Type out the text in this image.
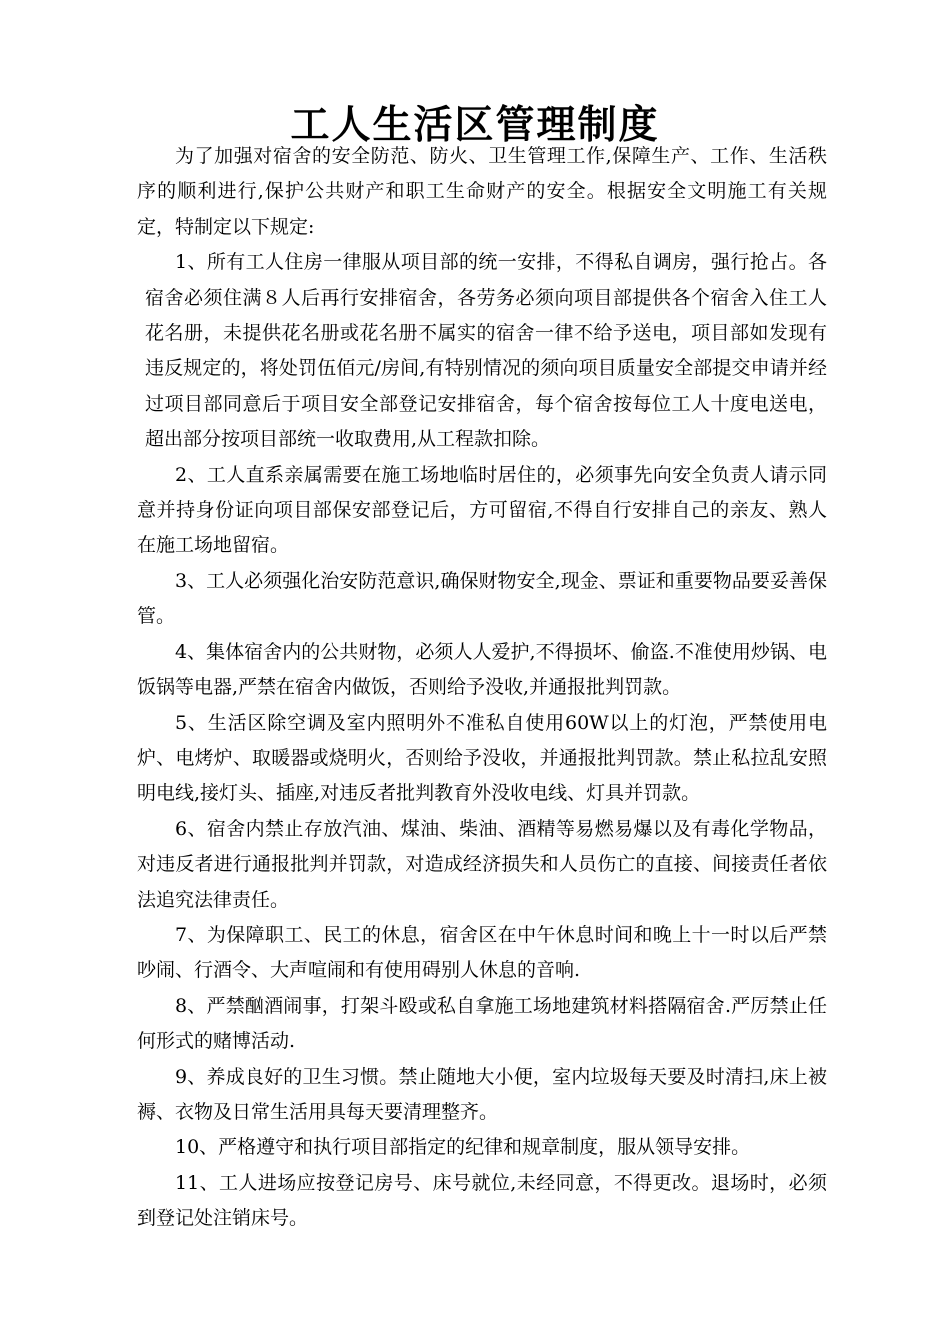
工人生活区管理制度

为了加强对宿舍的安全防范、防火、卫生管理工作,保障生产、工作、生活秩序的顺利进行,保护公共财产和职工生命财产的安全。根据安全文明施工有关规定，特制定以下规定:

1、所有工人住房一律服从项目部的统一安排，不得私自调房，强行抢占。各宿舍必须住满８人后再行安排宿舍，各劳务必须向项目部提供各个宿舍入住工人花名册，未提供花名册或花名册不属实的宿舍一律不给予送电，项目部如发现有违反规定的，将处罚伍佰元/房间,有特别情况的须向项目质量安全部提交申请并经过项目部同意后于项目安全部登记安排宿舍，每个宿舍按每位工人十度电送电，超出部分按项目部统一收取费用,从工程款扣除。

2、工人直系亲属需要在施工场地临时居住的，必须事先向安全负责人请示同意并持身份证向项目部保安部登记后，方可留宿,不得自行安排自己的亲友、熟人在施工场地留宿。

3、工人必须强化治安防范意识,确保财物安全,现金、票证和重要物品要妥善保管。

4、集体宿舍内的公共财物，必须人人爱护,不得损坏、偷盗.不准使用炒锅、电饭锅等电器,严禁在宿舍内做饭，否则给予没收,并通报批判罚款。

5、生活区除空调及室内照明外不准私自使用60W以上的灯泡，严禁使用电炉、电烤炉、取暖器或烧明火，否则给予没收，并通报批判罚款。禁止私拉乱安照明电线,接灯头、插座,对违反者批判教育外没收电线、灯具并罚款。

6、宿舍内禁止存放汽油、煤油、柴油、酒精等易燃易爆以及有毒化学物品，对违反者进行通报批判并罚款，对造成经济损失和人员伤亡的直接、间接责任者依法追究法律责任。

7、为保障职工、民工的休息，宿舍区在中午休息时间和晚上十一时以后严禁吵闹、行酒令、大声喧闹和有使用碍别人休息的音响.

8、严禁酗酒闹事，打架斗殴或私自拿施工场地建筑材料搭隔宿舍.严厉禁止任何形式的赌博活动.

9、养成良好的卫生习惯。禁止随地大小便，室内垃圾每天要及时清扫,床上被褥、衣物及日常生活用具每天要清理整齐。

10、严格遵守和执行项目部指定的纪律和规章制度，服从领导安排。

11、工人进场应按登记房号、床号就位,未经同意，不得更改。退场时，必须到登记处注销床号。
